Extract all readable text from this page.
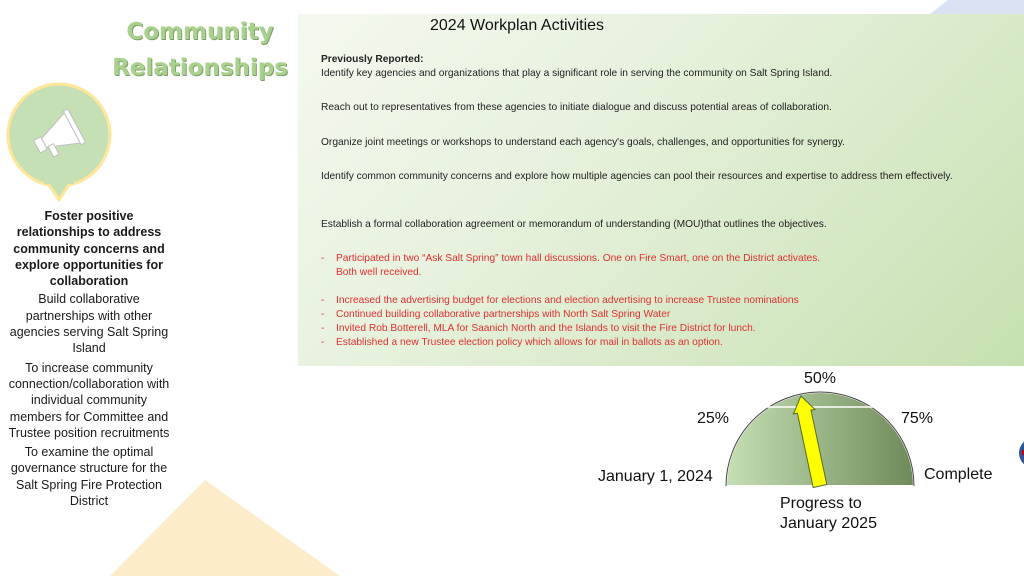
Community
Relationships
Foster positive relationships to address community concerns and explore opportunities for collaboration
Build collaborative partnerships with other agencies serving Salt Spring Island
To increase community connection/collaboration with individual community members for Committee and Trustee position recruitments
To examine the optimal governance structure for the Salt Spring Fire Protection District
2024 Workplan Activities
Previously Reported:
Identify key agencies and organizations that play a significant role in serving the community on Salt Spring Island.
Reach out to representatives from these agencies to initiate dialogue and discuss potential areas of collaboration.
Organize joint meetings or workshops to understand each agency's goals, challenges, and opportunities for synergy.
Identify common community concerns and explore how multiple agencies can pool their resources and expertise to address them effectively.
Establish a formal collaboration agreement or memorandum of understanding (MOU)that outlines the objectives.
- Participated in two “Ask Salt Spring” town hall discussions. One on Fire Smart, one on the District activates.
Both well received.
- Increased the advertising budget for elections and election advertising to increase Trustee nominations
- Continued building collaborative partnerships with North Salt Spring Water
- Invited Rob Botterell, MLA for Saanich North and the Islands to visit the Fire District for lunch.
- Established a new Trustee election policy which allows for mail in ballots as an option.
50%
25%	75%
January 1, 2024	Complete
Progress to
January 2025
